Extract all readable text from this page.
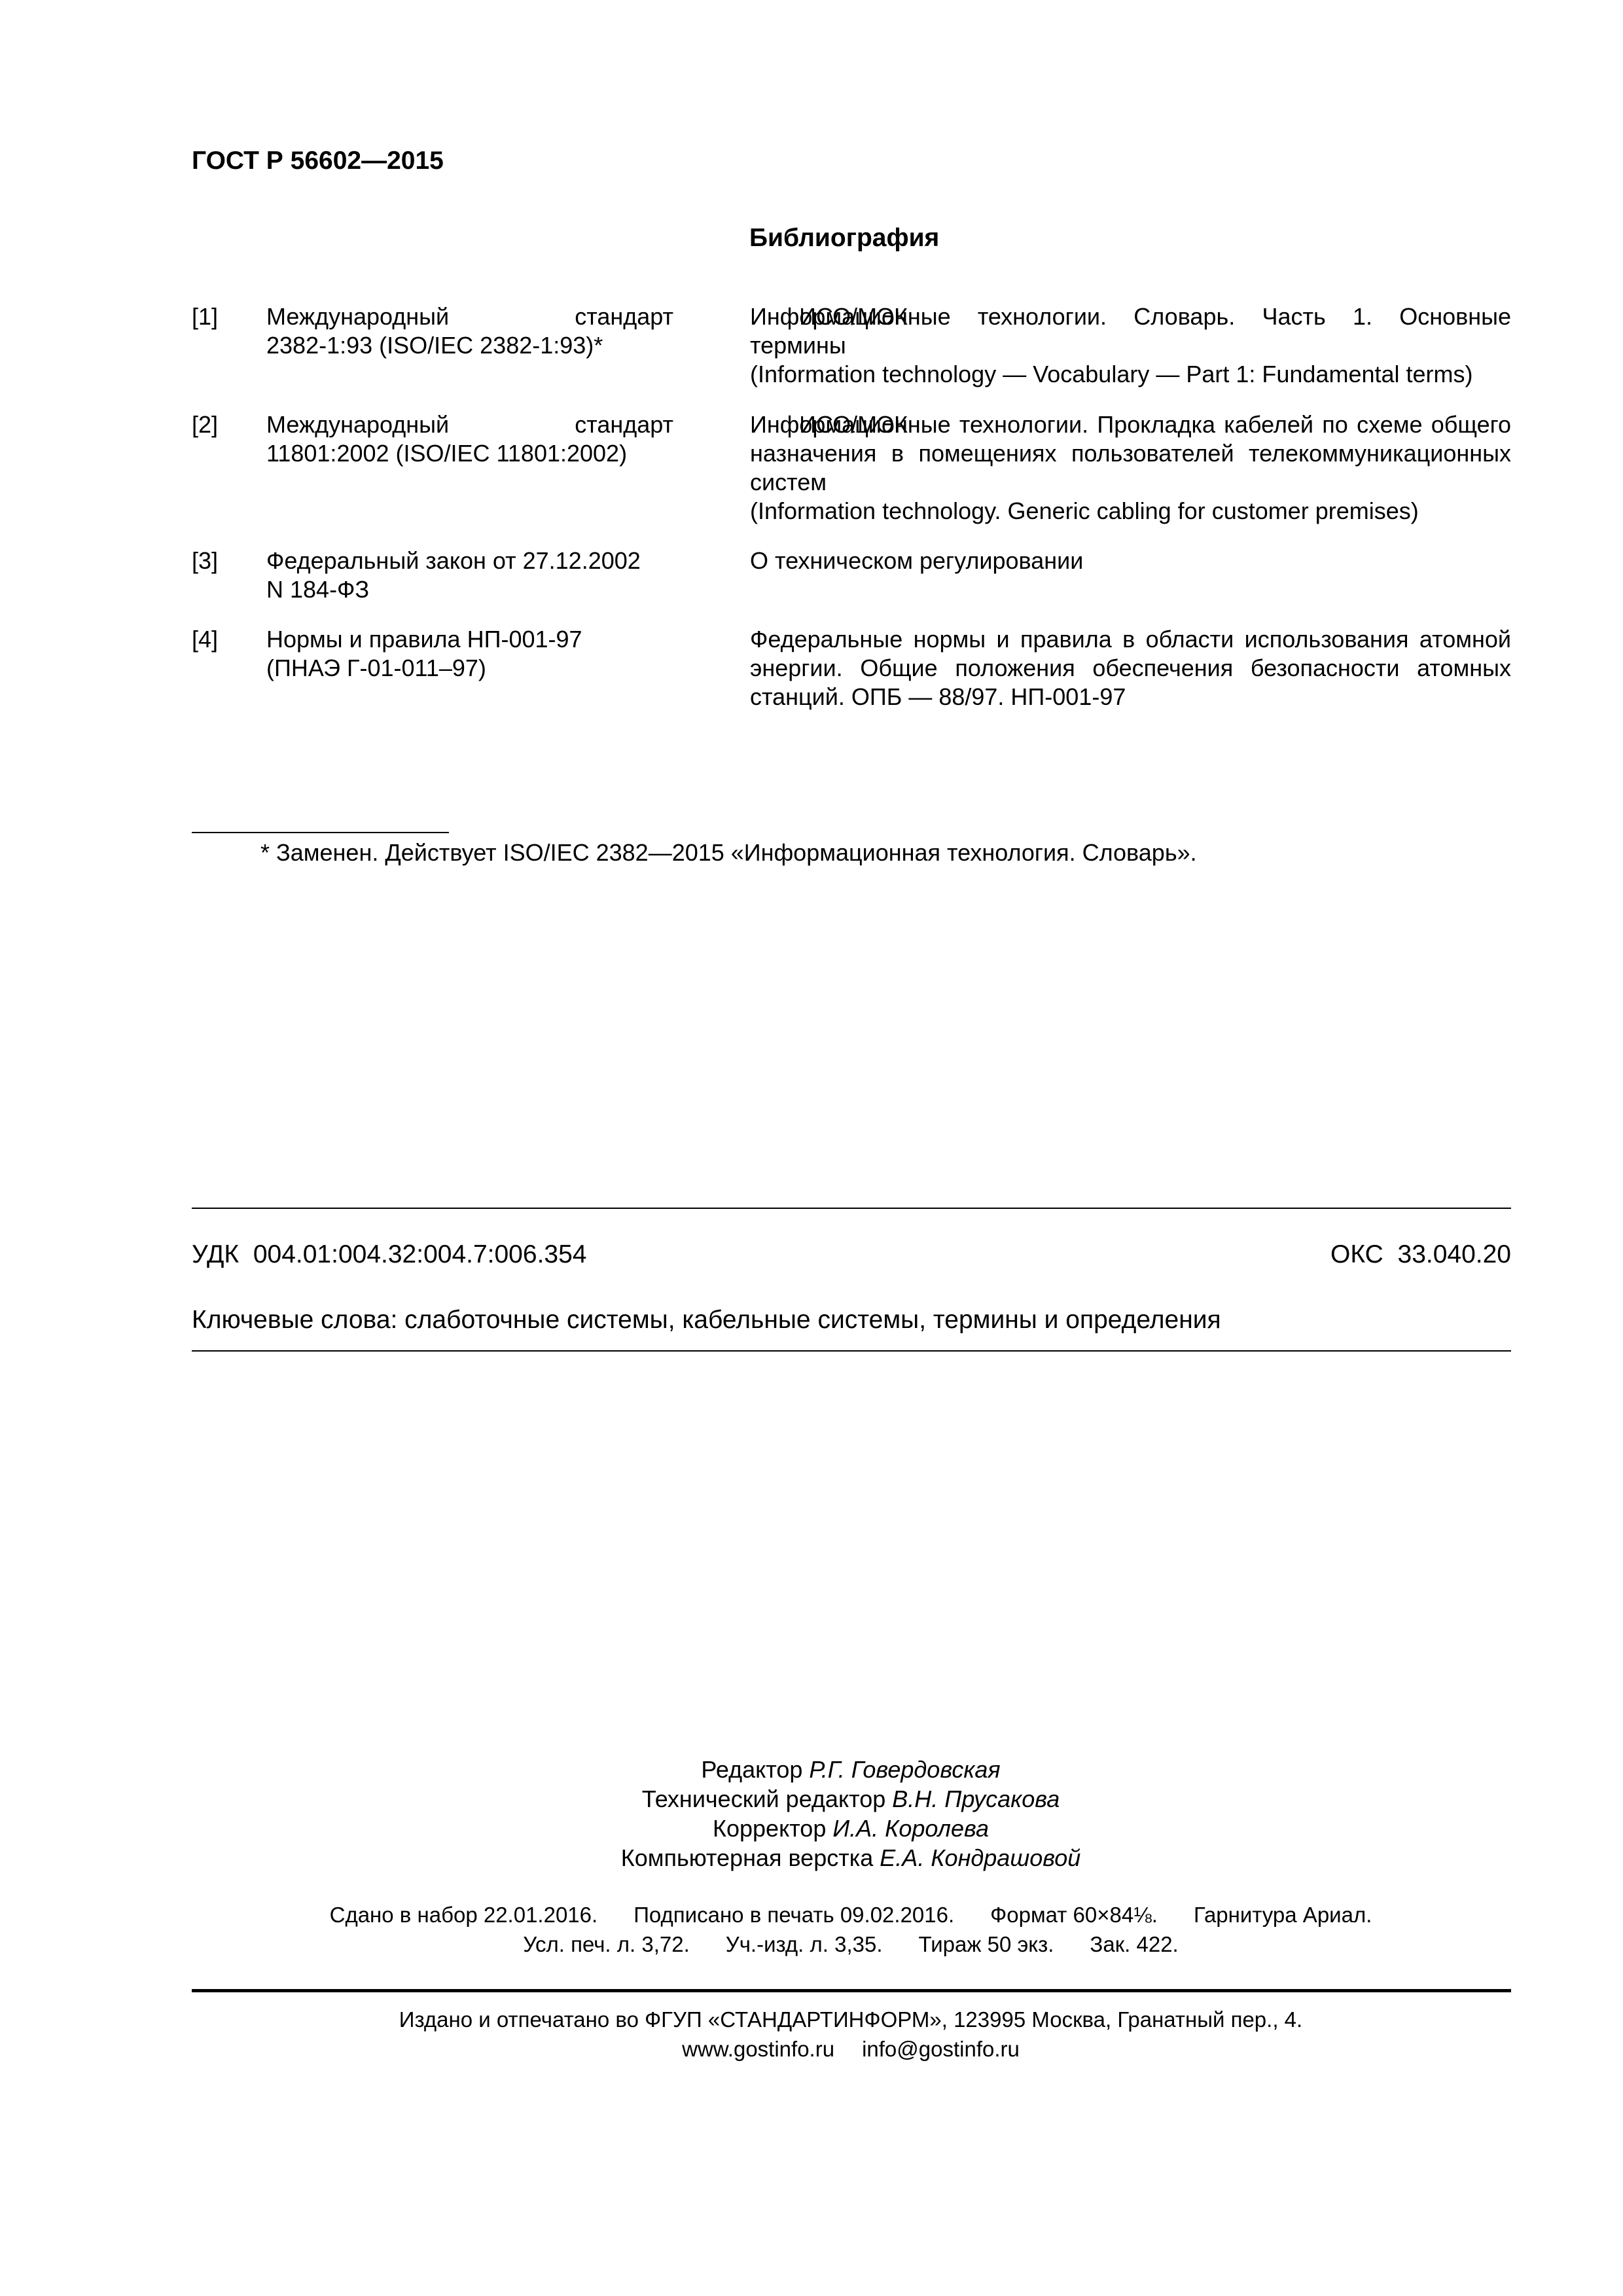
ГОСТ Р 56602—2015
Библиография
[1] Международный стандарт ИСО/МЭК
2382-1:93 (ISO/IEC 2382-1:93)*
Информационные технологии. Словарь. Часть 1. Основные
термины
(Information technology — Vocabulary — Part 1: Fundamental terms)
[2] Международный стандарт ИСО/МЭК
11801:2002 (ISO/IEC 11801:2002)
Информационные технологии. Прокладка кабелей по схеме общего
назначения в помещениях пользователей телекоммуникационных
систем
(Information technology. Generic cabling for customer premises)
[3] Федеральный закон от 27.12.2002
N 184-ФЗ
О техническом регулировании
[4] Нормы и правила НП-001-97
(ПНАЭ Г-01-011–97)
Федеральные нормы и правила в области использования атомной
энергии. Общие положения обеспечения безопасности атомных
станций. ОПБ — 88/97. НП-001-97
* Заменен. Действует ISO/IEC 2382—2015 «Информационная технология. Словарь».
УДК  004.01:004.32:004.7:006.354	ОКС  33.040.20
Ключевые слова: слаботочные системы, кабельные системы, термины и определения
Редактор Р.Г. Говердовская
Технический редактор В.Н. Прусакова
Корректор И.А. Королева
Компьютерная верстка Е.А. Кондрашовой
Сдано в набор 22.01.2016. Подписано в печать 09.02.2016. Формат 60×84⅛. Гарнитура Ариал.
Усл. печ. л. 3,72. Уч.-изд. л. 3,35. Тираж 50 экз. Зак. 422.
Издано и отпечатано во ФГУП «СТАНДАРТИНФОРМ», 123995 Москва, Гранатный пер., 4.
www.gostinfo.ru info@gostinfo.ru
